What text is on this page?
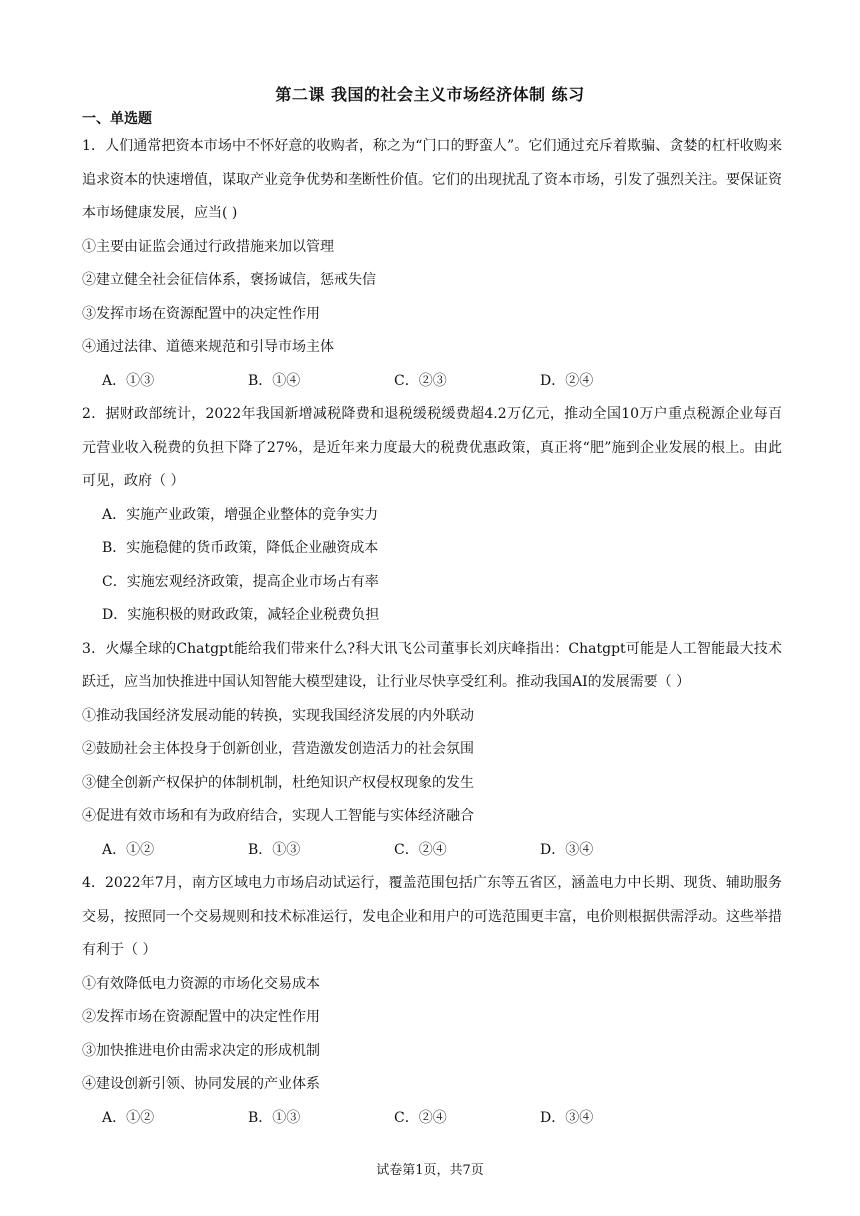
第二课 我国的社会主义市场经济体制 练习
一、单选题
1．人们通常把资本市场中不怀好意的收购者，称之为“门口的野蛮人”。它们通过充斥着欺骗、贪婪的杠杆收购来追求资本的快速增值，谋取产业竞争优势和垄断性价值。它们的出现扰乱了资本市场，引发了强烈关注。要保证资本市场健康发展，应当( )
①主要由证监会通过行政措施来加以管理
②建立健全社会征信体系，褒扬诚信，惩戒失信
③发挥市场在资源配置中的决定性作用
④通过法律、道德来规范和引导市场主体
A．①③	B．①④	C．②③	D．②④
2．据财政部统计，2022年我国新增减税降费和退税缓税缓费超4.2万亿元，推动全国10万户重点税源企业每百元营业收入税费的负担下降了27%，是近年来力度最大的税费优惠政策，真正将“肥”施到企业发展的根上。由此可见，政府（ ）
A．实施产业政策，增强企业整体的竞争实力
B．实施稳健的货币政策，降低企业融资成本
C．实施宏观经济政策，提高企业市场占有率
D．实施积极的财政政策，减轻企业税费负担
3．火爆全球的Chatgpt能给我们带来什么?科大讯飞公司董事长刘庆峰指出：Chatgpt可能是人工智能最大技术跃迁，应当加快推进中国认知智能大模型建设，让行业尽快享受红利。推动我国AI的发展需要（ ）
①推动我国经济发展动能的转换，实现我国经济发展的内外联动
②鼓励社会主体投身于创新创业，营造激发创造活力的社会氛围
③健全创新产权保护的体制机制，杜绝知识产权侵权现象的发生
④促进有效市场和有为政府结合，实现人工智能与实体经济融合
A．①②	B．①③	C．②④	D．③④
4．2022年7月，南方区域电力市场启动试运行，覆盖范围包括广东等五省区，涵盖电力中长期、现货、辅助服务交易，按照同一个交易规则和技术标准运行，发电企业和用户的可选范围更丰富，电价则根据供需浮动。这些举措有利于（ ）
①有效降低电力资源的市场化交易成本
②发挥市场在资源配置中的决定性作用
③加快推进电价由需求决定的形成机制
④建设创新引领、协同发展的产业体系
A．①②	B．①③	C．②④	D．③④
试卷第1页，共7页
